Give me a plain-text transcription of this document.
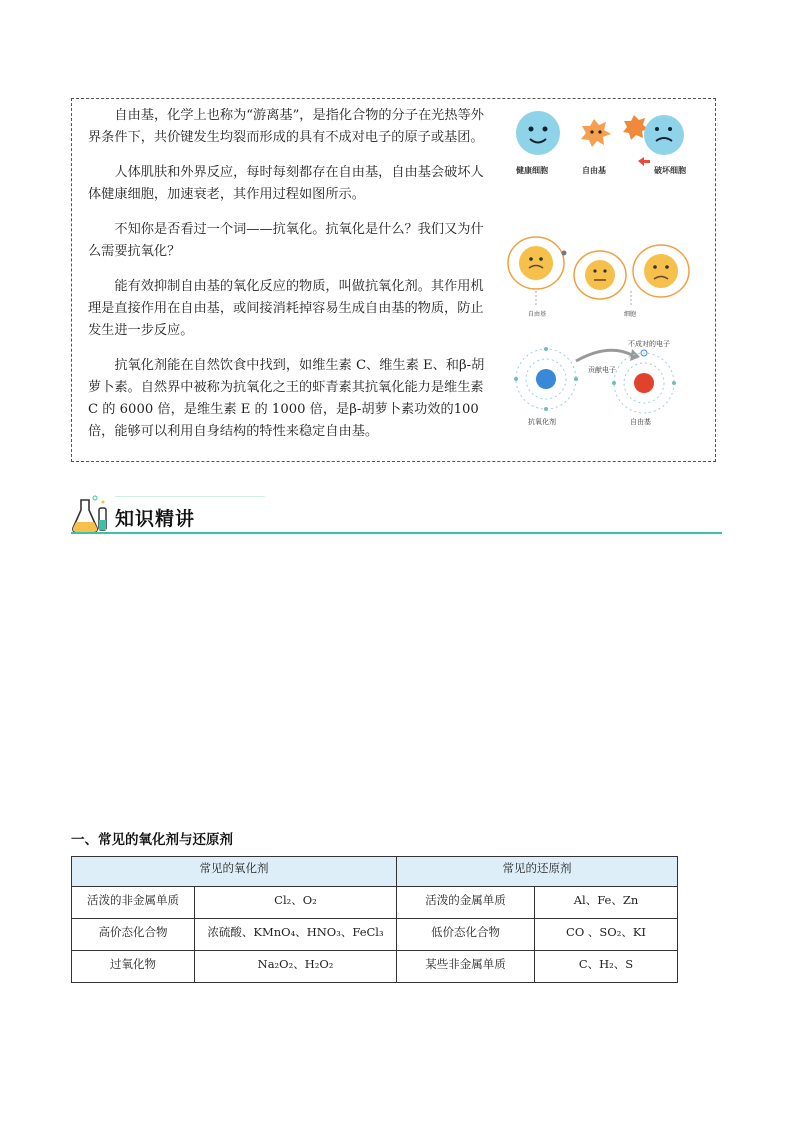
自由基，化学上也称为“游离基”，是指化合物的分子在光热等外界条件下，共价键发生均裂而形成的具有不成对电子的原子或基团。

人体肌肤和外界反应，每时每刻都存在自由基，自由基会破坏人体健康细胞，加速衰老，其作用过程如图所示。

不知你是否看过一个词——抗氧化。抗氧化是什么？我们又为什么需要抗氧化？

能有效抑制自由基的氧化反应的物质，叫做抗氧化剂。其作用机理是直接作用在自由基，或间接消耗掉容易生成自由基的物质，防止发生进一步反应。

抗氧化剂能在自然饮食中找到，如维生素 C、维生素 E、和β-胡萝卜素。自然界中被称为抗氧化之王的虾青素其抗氧化能力是维生素 C 的 6000 倍，是维生素 E 的 1000 倍，是β-胡萝卜素功效的100倍，能够可以利用自身结构的特性来稳定自由基。

健康细胞	自由基	破坏细胞
自由基	细胞
不成对的电子
贡献电子
抗氧化剂	自由基
知识精讲
一、常见的氧化剂与还原剂
常见的氧化剂		常见的还原剂	
活泼的非金属单质	Cl₂、O₂	活泼的金属单质	Al、Fe、Zn
高价态化合物	浓硫酸、KMnO₄、HNO₃、FeCl₃	低价态化合物	CO 、SO₂、KI
过氧化物	Na₂O₂、H₂O₂	某些非金属单质	C、H₂、S
